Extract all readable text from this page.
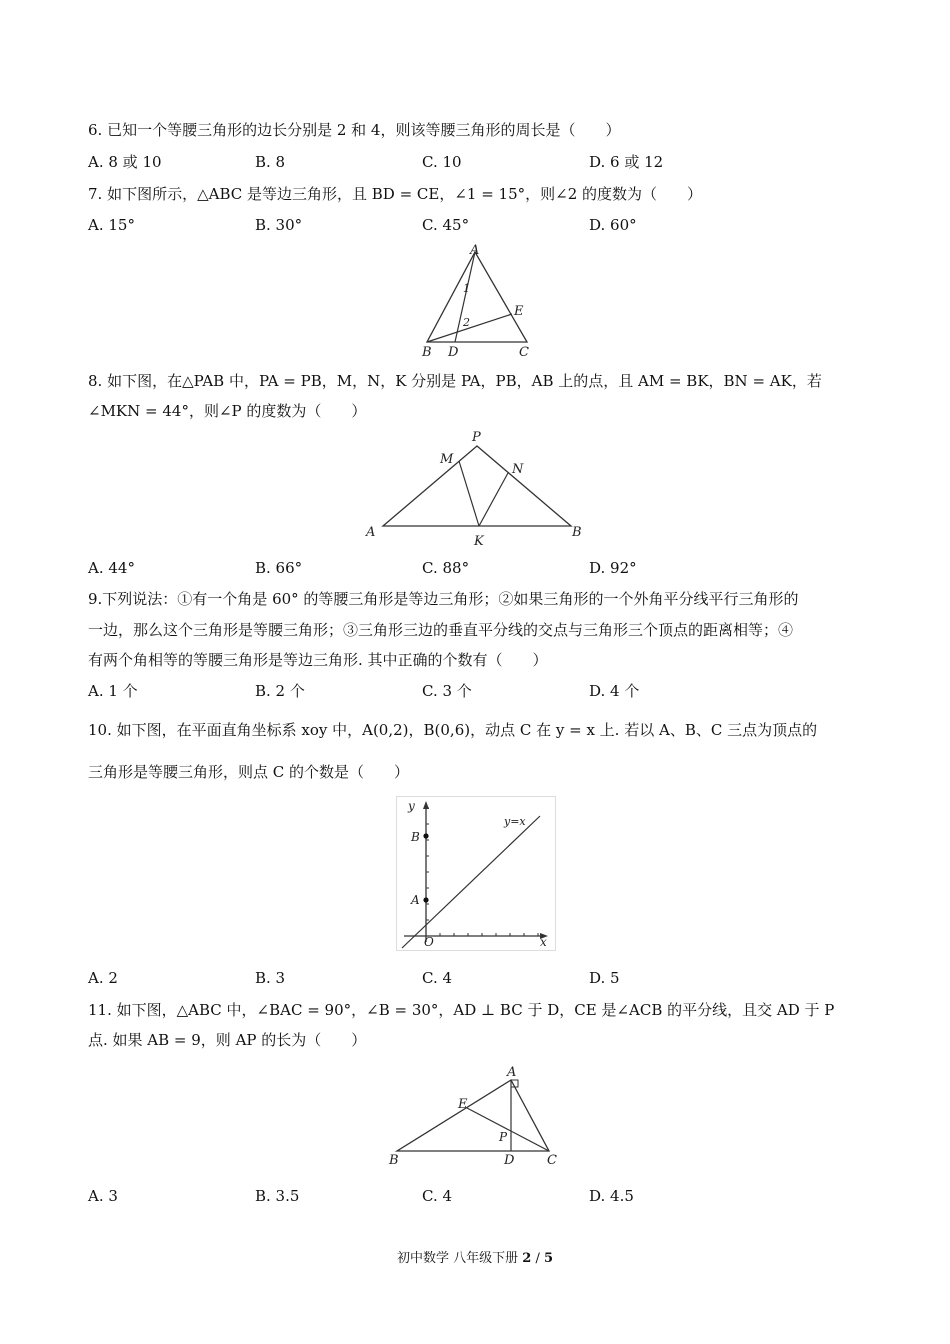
6. 已知一个等腰三角形的边长分别是 2 和 4，则该等腰三角形的周长是（　　）
A. 8 或 10	B. 8	C. 10	D. 6 或 12
7. 如下图所示，△ABC 是等边三角形，且 BD = CE，∠1 = 15°，则∠2 的度数为（　　）
A. 15°	B. 30°	C. 45°	D. 60°
A
1
E
2
B D	C
8. 如下图，在△PAB 中，PA = PB，M，N，K 分别是 PA，PB，AB 上的点，且 AM = BK，BN = AK，若
∠MKN = 44°，则∠P 的度数为（　　）
P
M
N
A
K
B
A. 44°	B. 66°	C. 88°	D. 92°
9.下列说法：①有一个角是 60° 的等腰三角形是等边三角形；②如果三角形的一个外角平分线平行三角形的
一边，那么这个三角形是等腰三角形；③三角形三边的垂直平分线的交点与三角形三个顶点的距离相等；④
有两个角相等的等腰三角形是等边三角形. 其中正确的个数有（　　）
A. 1 个	B. 2 个	C. 3 个	D. 4 个
10. 如下图，在平面直角坐标系 xoy 中，A(0,2)，B(0,6)，动点 C 在 y = x 上. 若以 A、B、C 三点为顶点的
三角形是等腰三角形，则点 C 的个数是（　　）
y
y=x
B
A
O	x
A. 2	B. 3	C. 4	D. 5
11. 如下图，△ABC 中，∠BAC = 90°，∠B = 30°，AD ⊥ BC 于 D，CE 是∠ACB 的平分线，且交 AD 于 P
点. 如果 AB = 9，则 AP 的长为（　　）
A
E
P
B	D	C
A. 3	B. 3.5	C. 4	D. 4.5
初中数学 八年级下册 2 / 5
